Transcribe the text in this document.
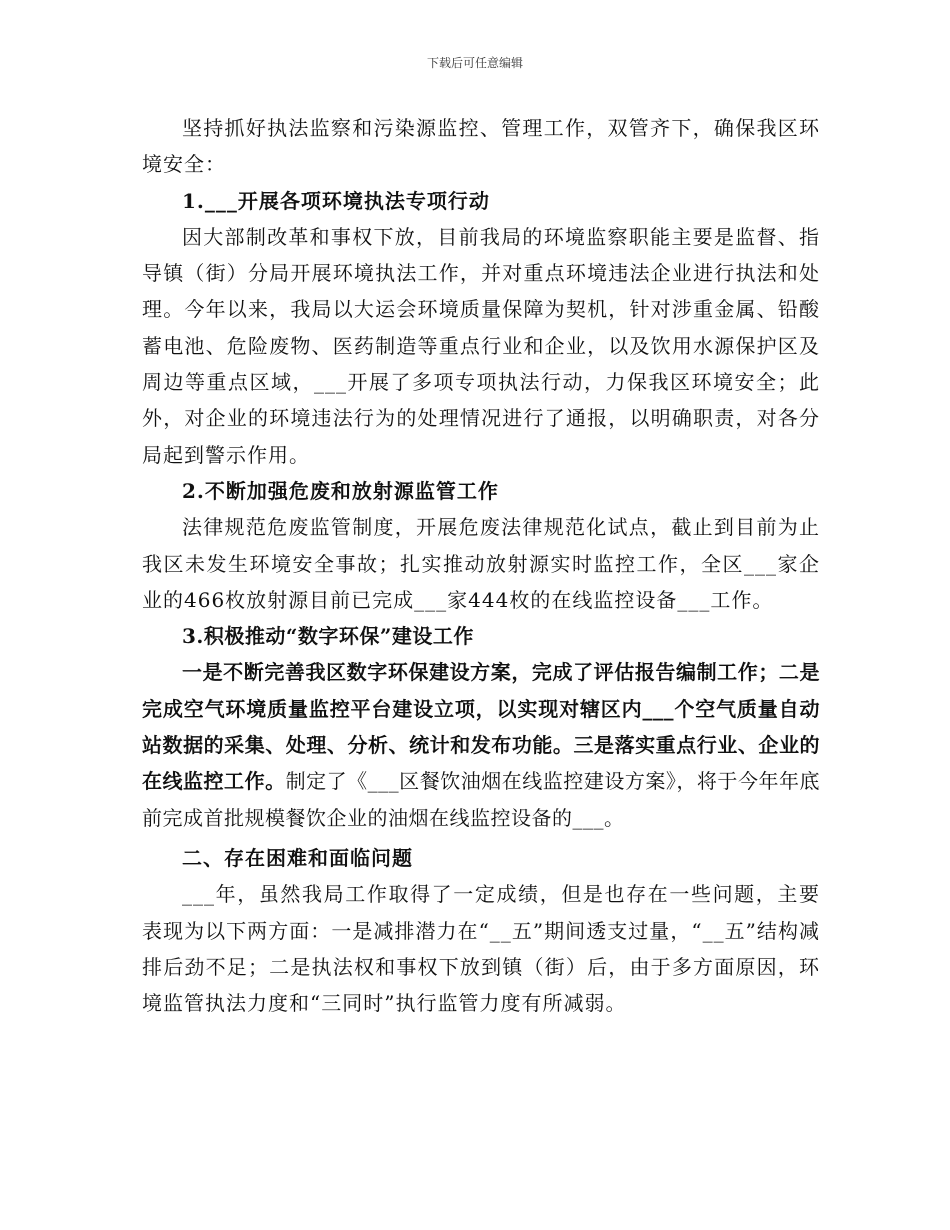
下载后可任意编辑

坚持抓好执法监察和污染源监控、管理工作，双管齐下，确保我区环境安全：

1.___开展各项环境执法专项行动

因大部制改革和事权下放，目前我局的环境监察职能主要是监督、指导镇（街）分局开展环境执法工作，并对重点环境违法企业进行执法和处理。今年以来，我局以大运会环境质量保障为契机，针对涉重金属、铅酸蓄电池、危险废物、医药制造等重点行业和企业，以及饮用水源保护区及周边等重点区域，___开展了多项专项执法行动，力保我区环境安全；此外，对企业的环境违法行为的处理情况进行了通报，以明确职责，对各分局起到警示作用。

2.不断加强危废和放射源监管工作

法律规范危废监管制度，开展危废法律规范化试点，截止到目前为止我区未发生环境安全事故；扎实推动放射源实时监控工作，全区___家企业的466枚放射源目前已完成___家444枚的在线监控设备___工作。

3.积极推动“数字环保”建设工作

一是不断完善我区数字环保建设方案，完成了评估报告编制工作；二是完成空气环境质量监控平台建设立项，以实现对辖区内___个空气质量自动站数据的采集、处理、分析、统计和发布功能。三是落实重点行业、企业的在线监控工作。制定了《___区餐饮油烟在线监控建设方案》，将于今年年底前完成首批规模餐饮企业的油烟在线监控设备的___。

二、存在困难和面临问题

___年，虽然我局工作取得了一定成绩，但是也存在一些问题，主要表现为以下两方面：一是减排潜力在“__五”期间透支过量，“__五”结构减排后劲不足；二是执法权和事权下放到镇（街）后，由于多方面原因，环境监管执法力度和“三同时”执行监管力度有所减弱。
